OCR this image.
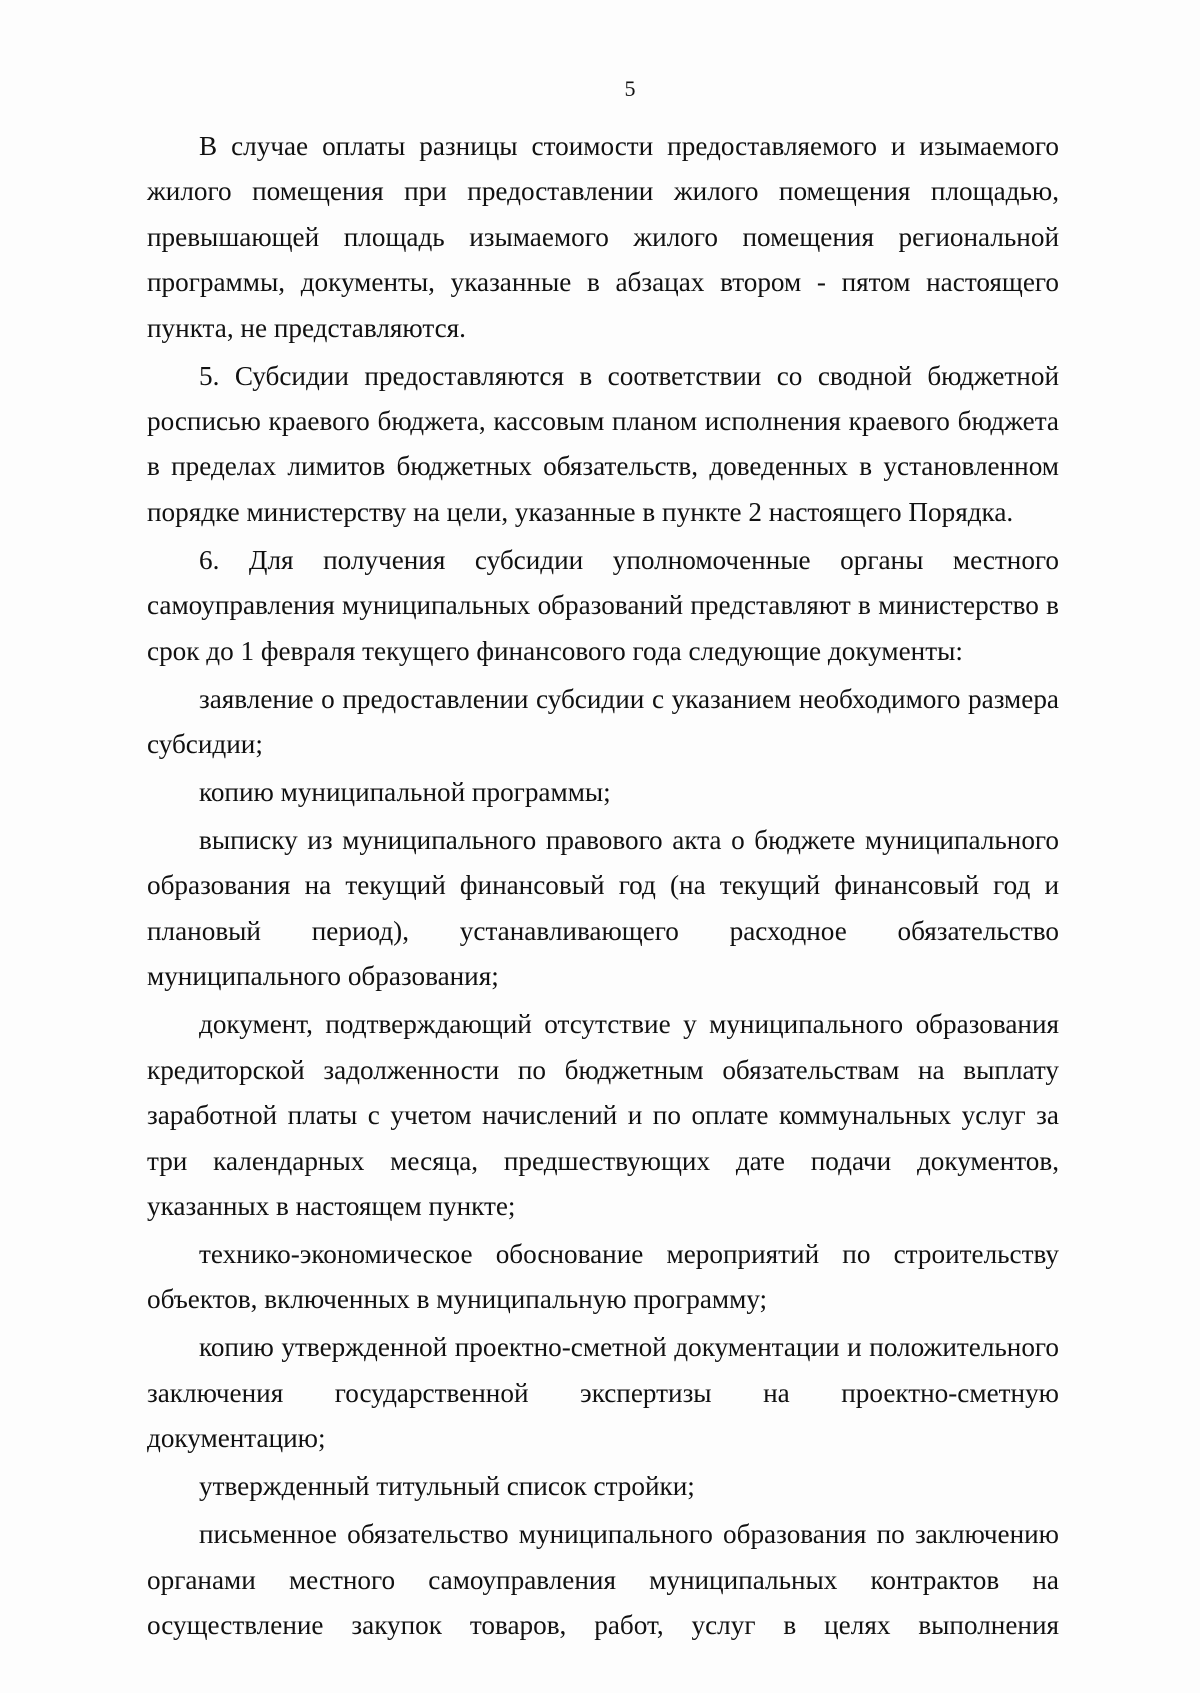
5

В случае оплаты разницы стоимости предоставляемого и изымаемого жилого помещения при предоставлении жилого помещения площадью, превышающей площадь изымаемого жилого помещения региональной программы, документы, указанные в абзацах втором - пятом настоящего пункта, не представляются.

5. Субсидии предоставляются в соответствии со сводной бюджетной росписью краевого бюджета, кассовым планом исполнения краевого бюджета в пределах лимитов бюджетных обязательств, доведенных в установленном порядке министерству на цели, указанные в пункте 2 настоящего Порядка.

6. Для получения субсидии уполномоченные органы местного самоуправления муниципальных образований представляют в министерство в срок до 1 февраля текущего финансового года следующие документы:

заявление о предоставлении субсидии с указанием необходимого размера субсидии;

копию муниципальной программы;

выписку из муниципального правового акта о бюджете муниципального образования на текущий финансовый год (на текущий финансовый год и плановый период), устанавливающего расходное обязательство муниципального образования;

документ, подтверждающий отсутствие у муниципального образования кредиторской задолженности по бюджетным обязательствам на выплату заработной платы с учетом начислений и по оплате коммунальных услуг за три календарных месяца, предшествующих дате подачи документов, указанных в настоящем пункте;

технико-экономическое обоснование мероприятий по строительству объектов, включенных в муниципальную программу;

копию утвержденной проектно-сметной документации и положительного заключения государственной экспертизы на проектно-сметную документацию;

утвержденный титульный список стройки;

письменное обязательство муниципального образования по заключению органами местного самоуправления муниципальных контрактов на осуществление закупок товаров, работ, услуг в целях выполнения
